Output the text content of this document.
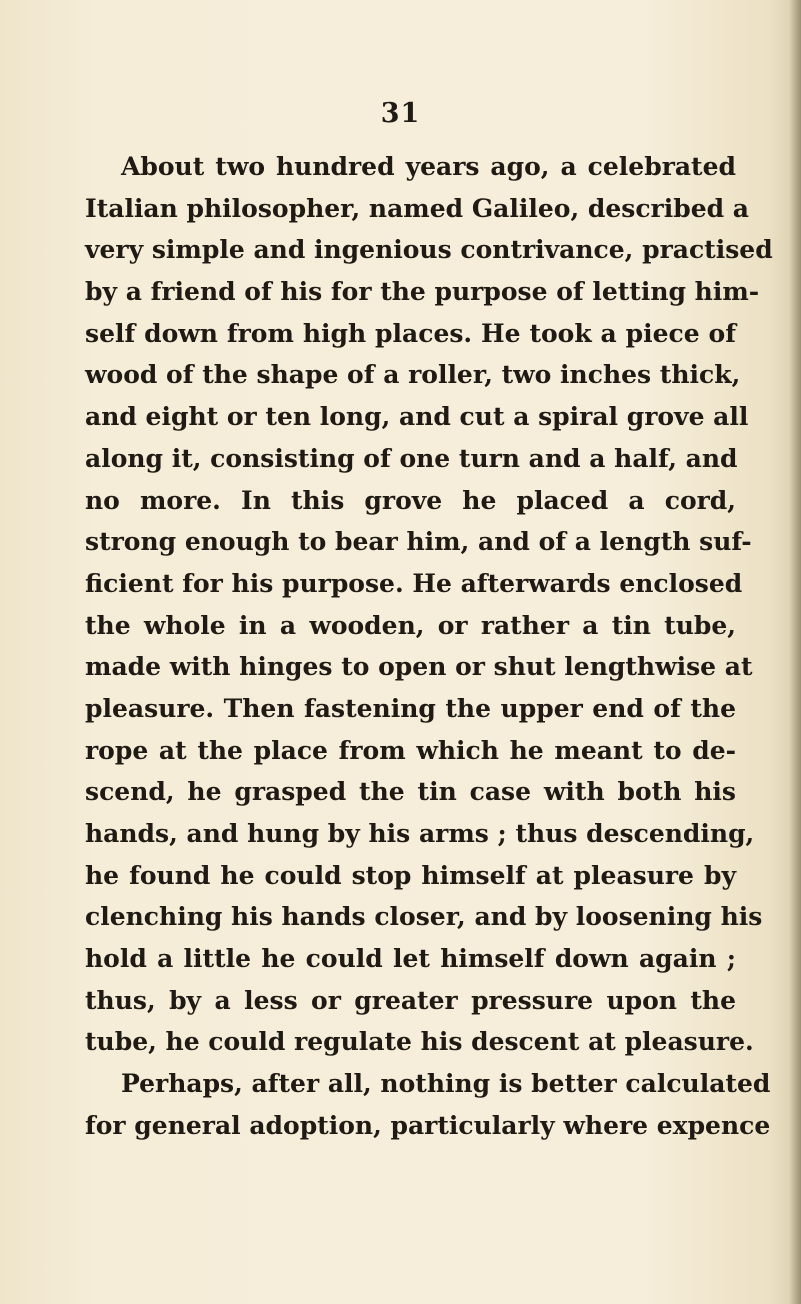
31
About two hundred years ago, a celebrated
Italian philosopher, named Galileo, described a
very simple and ingenious contrivance, practised
by a friend of his for the purpose of letting him-
self down from high places. He took a piece of
wood of the shape of a roller, two inches thick,
and eight or ten long, and cut a spiral grove all
along it, consisting of one turn and a half, and
no more. In this grove he placed a cord,
strong enough to bear him, and of a length suf-
ficient for his purpose. He afterwards enclosed
the whole in a wooden, or rather a tin tube,
made with hinges to open or shut lengthwise at
pleasure. Then fastening the upper end of the
rope at the place from which he meant to de-
scend, he grasped the tin case with both his
hands, and hung by his arms ; thus descending,
he found he could stop himself at pleasure by
clenching his hands closer, and by loosening his
hold a little he could let himself down again ;
thus, by a less or greater pressure upon the
tube, he could regulate his descent at pleasure.
Perhaps, after all, nothing is better calculated
for general adoption, particularly where expence
